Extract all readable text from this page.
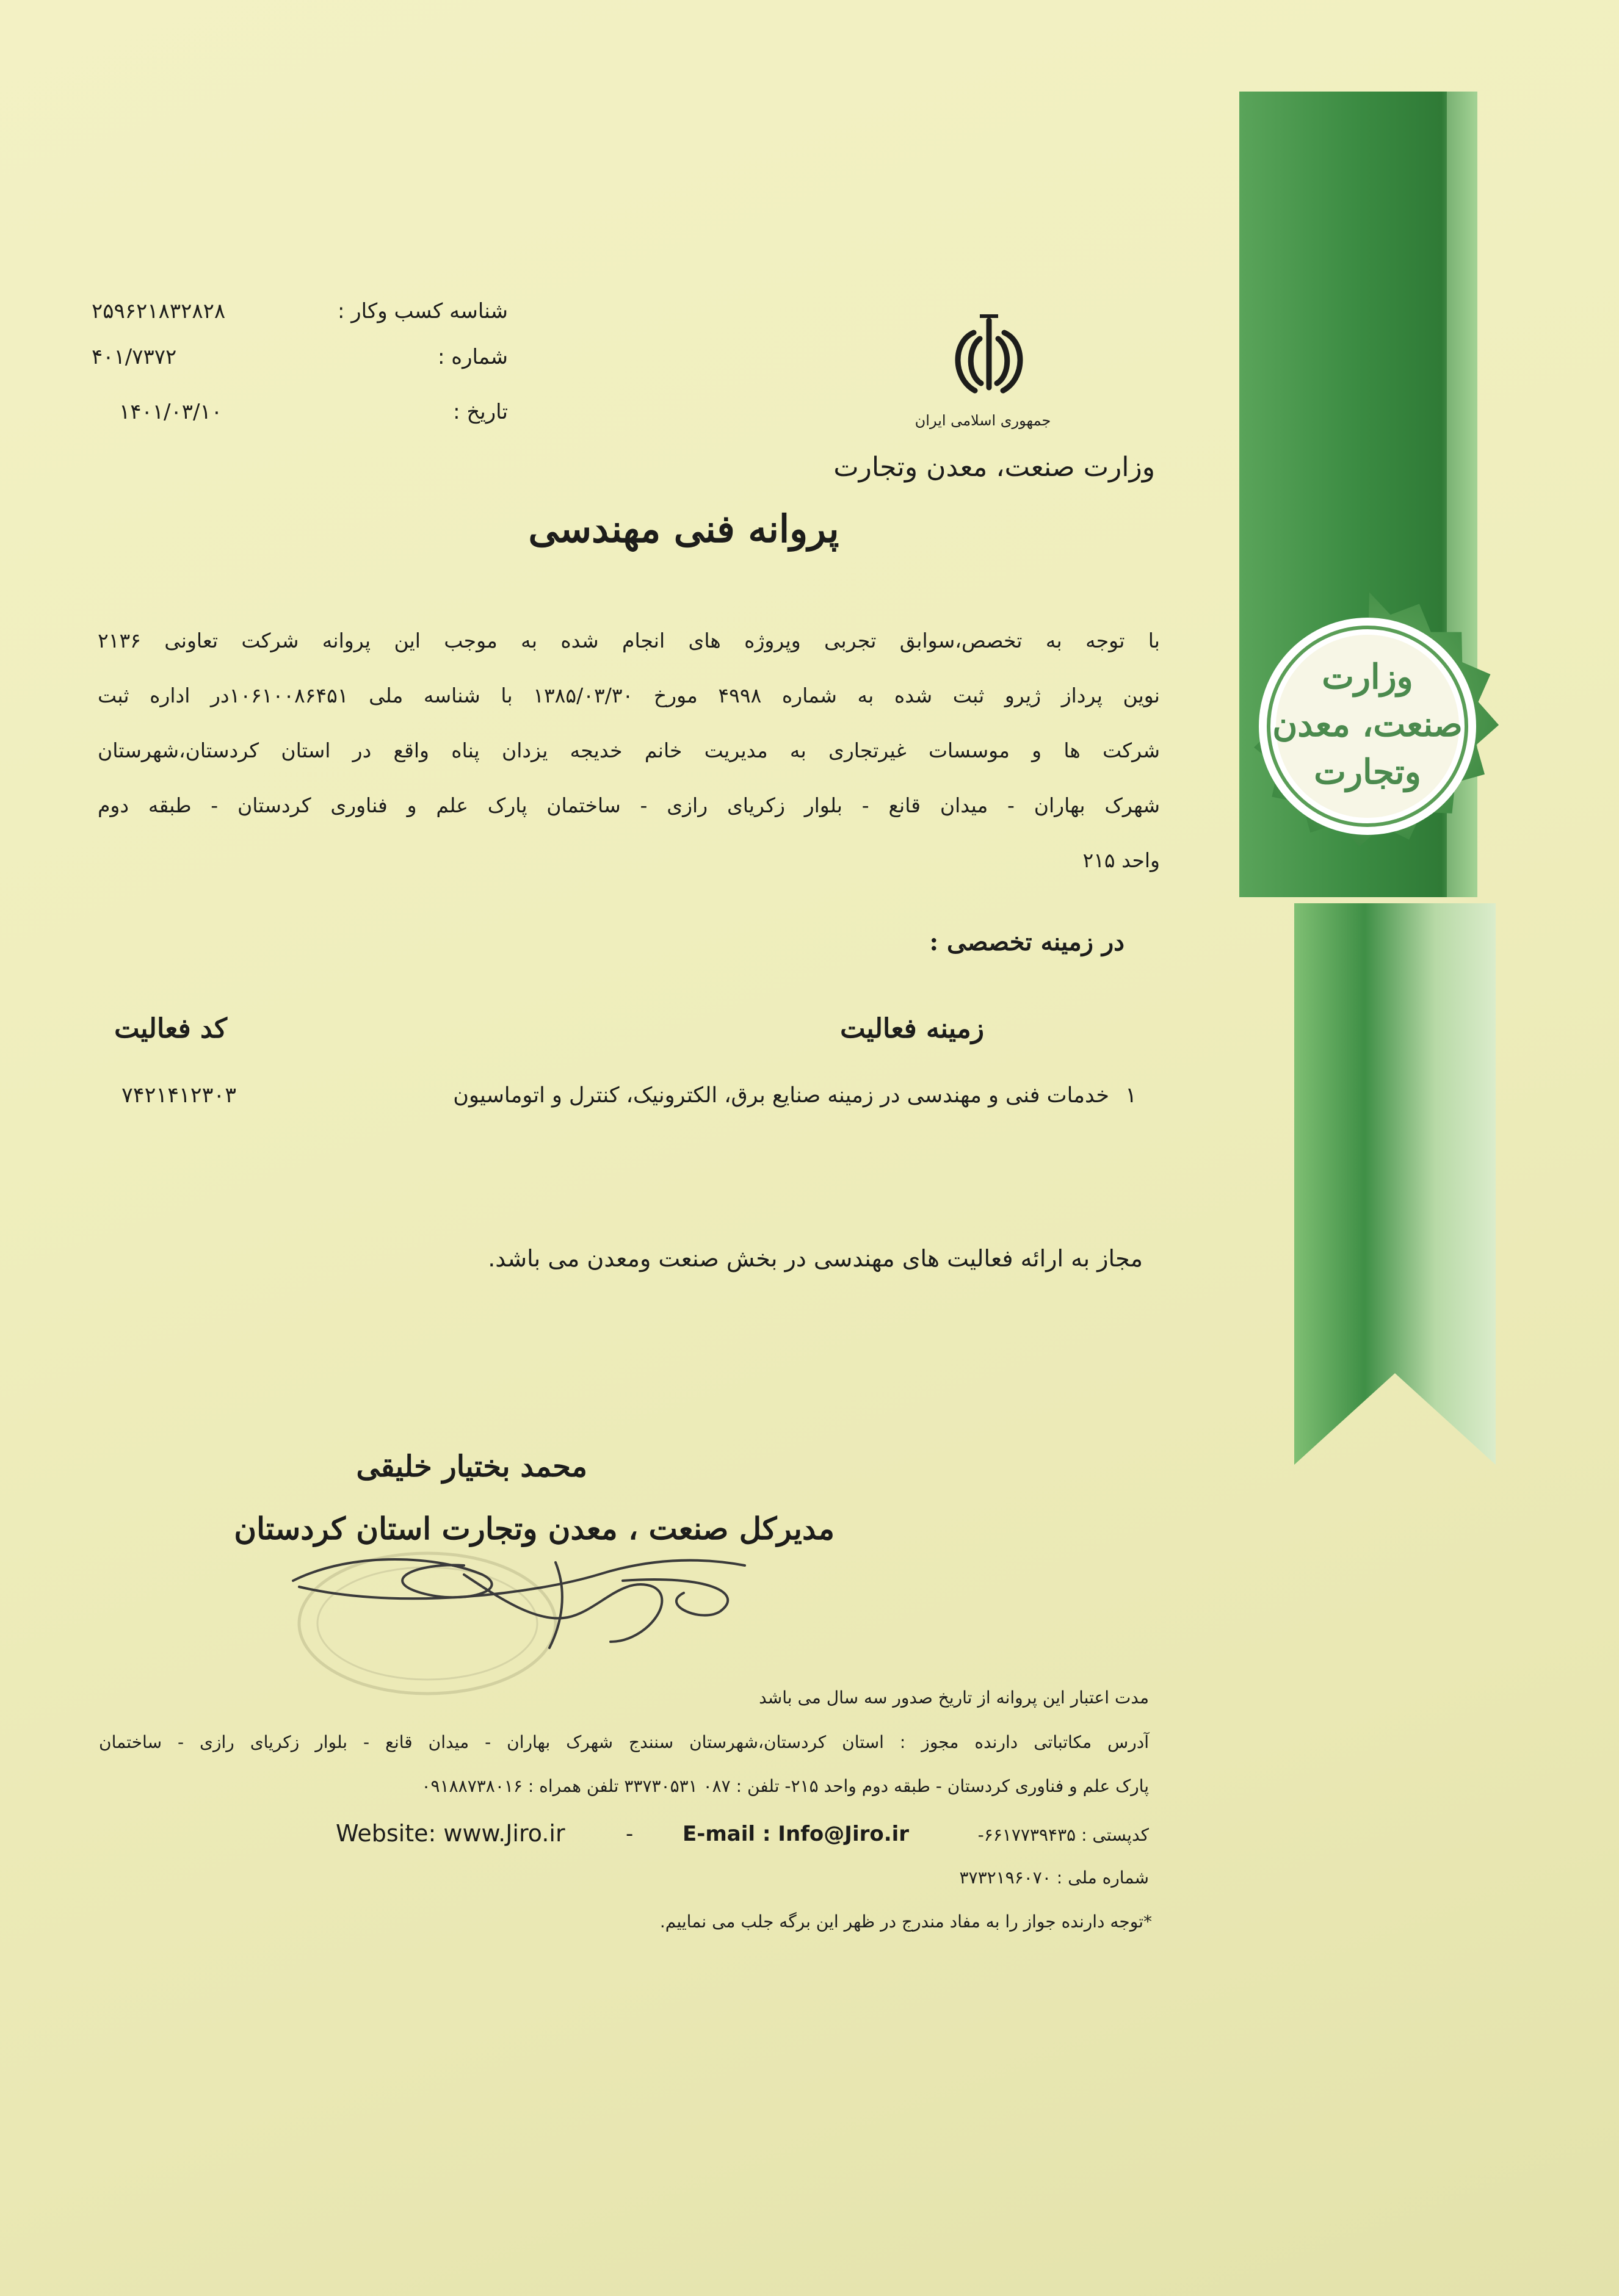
وزارت
صنعت، معدن
وتجارت
شناسه کسب وکار :
۲۵۹۶۲۱۸۳۲۸۲۸
شماره :
۴۰۱/۷۳۷۲
تاریخ :
۱۴۰۱/۰۳/۱۰	جمهوری اسلامی ایران
وزارت صنعت، معدن وتجارت
پروانه فنی مهندسی
با توجه به تخصص،سوابق تجربی وپروژه های انجام شده به موجب این پروانه شرکت تعاونی ۲۱۳۶
نوین پرداز ژیرو ثبت شده به شماره ۴۹۹۸ مورخ ۱۳۸۵/۰۳/۳۰ با شناسه ملی ۱۰۶۱۰۰۸۶۴۵۱در اداره ثبت
شرکت ها و موسسات غیرتجاری به مدیریت خانم خدیجه یزدان پناه واقع در استان کردستان،شهرستان
شهرک بهاران - میدان قانع - بلوار زکریای رازی - ساختمان پارک علم و فناوری کردستان - طبقه دوم
واحد ۲۱۵
در زمینه تخصصی :
زمینه فعالیت
کد فعالیت
۱
خدمات فنی و مهندسی در زمینه صنایع برق، الکترونیک، کنترل و اتوماسیون
۷۴۲۱۴۱۲۳۰۳
مجاز به ارائه فعالیت های مهندسی در بخش صنعت ومعدن می باشد.
محمد بختیار خلیقی
مدیرکل صنعت ، معدن وتجارت استان کردستان
مدت اعتبار این پروانه از تاریخ صدور سه سال می باشد
آدرس مکاتباتی دارنده مجوز : استان کردستان،شهرستان سنندج شهرک بهاران - میدان قانع - بلوار زکریای رازی - ساختمان
پارک علم و فناوری کردستان - طبقه دوم واحد ۲۱۵- تلفن : ۰۸۷ ۳۳۷۳۰۵۳۱ تلفن همراه : ۰۹۱۸۸۷۳۸۰۱۶
کدپستی : ۶۶۱۷۷۳۹۴۳۵-
E-mail : Info@Jiro.ir
-
Website: www.Jiro.ir
شماره ملی : ۳۷۳۲۱۹۶۰۷۰
*توجه دارنده جواز را به مفاد مندرج در ظهر این برگه جلب می نماییم.
